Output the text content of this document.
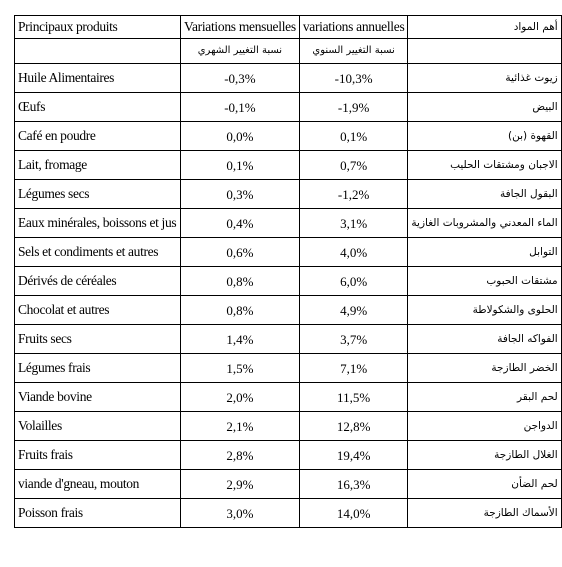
Principaux produits	Variations mensuelles	variations annuelles	أهم المواد
	نسبة التغيير الشهري	نسبة التغيير السنوي	
Huile Alimentaires	-0,3%	-10,3%	زيوت غذائية
Œufs	-0,1%	-1,9%	البيض
Café en poudre	0,0%	0,1%	القهوة (بن)
Lait, fromage	0,1%	0,7%	الاجبان ومشتقات الحليب
Légumes secs	0,3%	-1,2%	البقول الجافة
Eaux minérales, boissons et jus	0,4%	3,1%	الماء المعدني والمشروبات الغازية
Sels et condiments et autres	0,6%	4,0%	التوابل
Dérivés de céréales	0,8%	6,0%	مشتقات الحبوب
Chocolat et autres	0,8%	4,9%	الحلوى والشكولاطة
Fruits secs	1,4%	3,7%	الفواكه الجافة
Légumes frais	1,5%	7,1%	الخضر الطازجة
Viande bovine	2,0%	11,5%	لحم البقر
Volailles	2,1%	12,8%	الدواجن
Fruits frais	2,8%	19,4%	الغلال الطازجة
viande d'gneau, mouton	2,9%	16,3%	لحم الضأن
Poisson frais	3,0%	14,0%	الأسماك الطازجة
